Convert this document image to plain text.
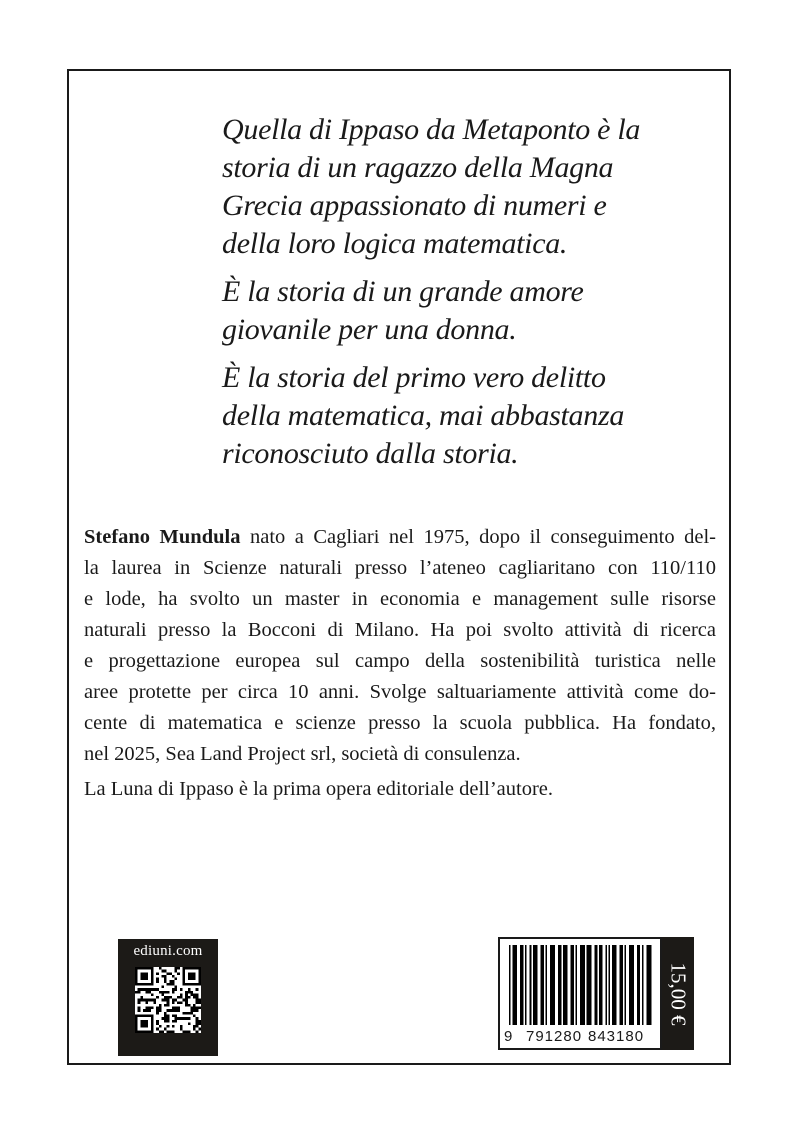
Quella di Ippaso da Metaponto è la
storia di un ragazzo della Magna
Grecia appassionato di numeri e
della loro logica matematica.
È la storia di un grande amore
giovanile per una donna.
È la storia del primo vero delitto
della matematica, mai abbastanza
riconosciuto dalla storia.
Stefano Mundula nato a Cagliari nel 1975, dopo il conseguimento del-
la laurea in Scienze naturali presso l’ateneo cagliaritano con 110/110
e lode, ha svolto un master in economia e management sulle risorse
naturali presso la Bocconi di Milano. Ha poi svolto attività di ricerca
e progettazione europea sul campo della sostenibilità turistica nelle
aree protette per circa 10 anni. Svolge saltuariamente attività come do-
cente di matematica e scienze presso la scuola pubblica. Ha fondato,
nel 2025, Sea Land Project srl, società di consulenza.
La Luna di Ippaso è la prima opera editoriale dell’autore.
ediuni.com
9 791280 843180
15,00 €
